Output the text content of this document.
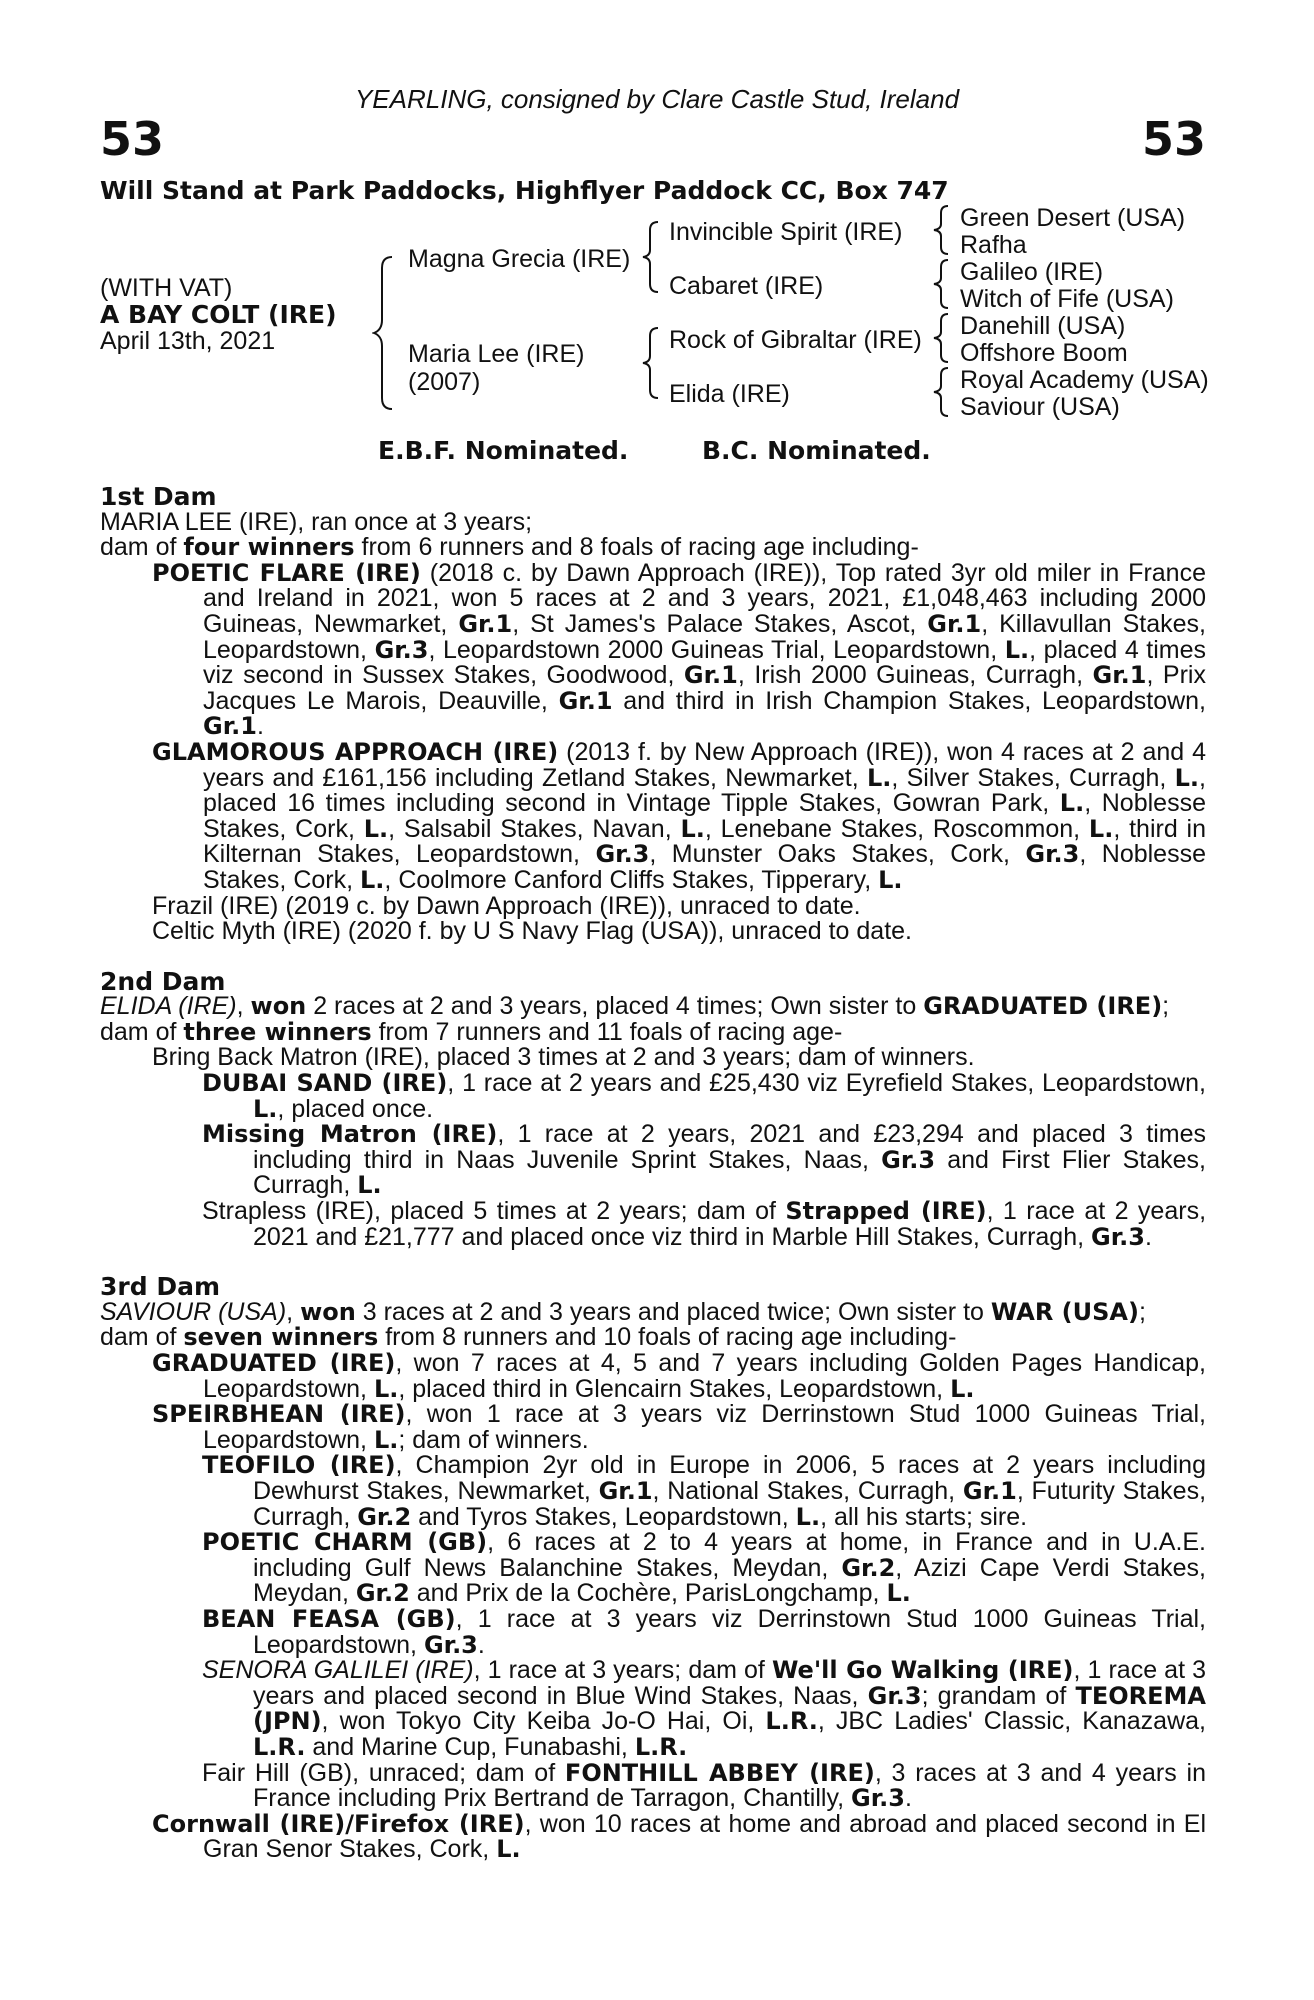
YEARLING, consigned by Clare Castle Stud, Ireland
53	53
Will Stand at Park Paddocks, Highflyer Paddock CC, Box 747
(WITH VAT)
A BAY COLT (IRE)
April 13th, 2021
Magna Grecia (IRE)
Maria Lee (IRE)
(2007)
Invincible Spirit (IRE)
Cabaret (IRE)
Rock of Gibraltar (IRE)
Elida (IRE)
Green Desert (USA)
Rafha
Galileo (IRE)
Witch of Fife (USA)
Danehill (USA)
Offshore Boom
Royal Academy (USA)
Saviour (USA)
E.B.F. Nominated.	B.C. Nominated.
1st Dam
MARIA LEE (IRE), ran once at 3 years;
dam of four winners from 6 runners and 8 foals of racing age including-
POETIC FLARE (IRE) (2018 c. by Dawn Approach (IRE)), Top rated 3yr old miler in France and Ireland in 2021, won 5 races at 2 and 3 years, 2021, £1,048,463 including 2000 Guineas, Newmarket, Gr.1, St James's Palace Stakes, Ascot, Gr.1, Killavullan Stakes, Leopardstown, Gr.3, Leopardstown 2000 Guineas Trial, Leopardstown, L., placed 4 times viz second in Sussex Stakes, Goodwood, Gr.1, Irish 2000 Guineas, Curragh, Gr.1, Prix Jacques Le Marois, Deauville, Gr.1 and third in Irish Champion Stakes, Leopardstown, Gr.1.
GLAMOROUS APPROACH (IRE) (2013 f. by New Approach (IRE)), won 4 races at 2 and 4 years and £161,156 including Zetland Stakes, Newmarket, L., Silver Stakes, Curragh, L., placed 16 times including second in Vintage Tipple Stakes, Gowran Park, L., Noblesse Stakes, Cork, L., Salsabil Stakes, Navan, L., Lenebane Stakes, Roscommon, L., third in Kilternan Stakes, Leopardstown, Gr.3, Munster Oaks Stakes, Cork, Gr.3, Noblesse Stakes, Cork, L., Coolmore Canford Cliffs Stakes, Tipperary, L.
Frazil (IRE) (2019 c. by Dawn Approach (IRE)), unraced to date.
Celtic Myth (IRE) (2020 f. by U S Navy Flag (USA)), unraced to date.
2nd Dam
ELIDA (IRE), won 2 races at 2 and 3 years, placed 4 times; Own sister to GRADUATED (IRE);
dam of three winners from 7 runners and 11 foals of racing age-
Bring Back Matron (IRE), placed 3 times at 2 and 3 years; dam of winners.
DUBAI SAND (IRE), 1 race at 2 years and £25,430 viz Eyrefield Stakes, Leopardstown, L., placed once.
Missing Matron (IRE), 1 race at 2 years, 2021 and £23,294 and placed 3 times including third in Naas Juvenile Sprint Stakes, Naas, Gr.3 and First Flier Stakes, Curragh, L.
Strapless (IRE), placed 5 times at 2 years; dam of Strapped (IRE), 1 race at 2 years, 2021 and £21,777 and placed once viz third in Marble Hill Stakes, Curragh, Gr.3.
3rd Dam
SAVIOUR (USA), won 3 races at 2 and 3 years and placed twice; Own sister to WAR (USA);
dam of seven winners from 8 runners and 10 foals of racing age including-
GRADUATED (IRE), won 7 races at 4, 5 and 7 years including Golden Pages Handicap, Leopardstown, L., placed third in Glencairn Stakes, Leopardstown, L.
SPEIRBHEAN (IRE), won 1 race at 3 years viz Derrinstown Stud 1000 Guineas Trial, Leopardstown, L.; dam of winners.
TEOFILO (IRE), Champion 2yr old in Europe in 2006, 5 races at 2 years including Dewhurst Stakes, Newmarket, Gr.1, National Stakes, Curragh, Gr.1, Futurity Stakes, Curragh, Gr.2 and Tyros Stakes, Leopardstown, L., all his starts; sire.
POETIC CHARM (GB), 6 races at 2 to 4 years at home, in France and in U.A.E. including Gulf News Balanchine Stakes, Meydan, Gr.2, Azizi Cape Verdi Stakes, Meydan, Gr.2 and Prix de la Cochère, ParisLongchamp, L.
BEAN FEASA (GB), 1 race at 3 years viz Derrinstown Stud 1000 Guineas Trial, Leopardstown, Gr.3.
SENORA GALILEI (IRE), 1 race at 3 years; dam of We'll Go Walking (IRE), 1 race at 3 years and placed second in Blue Wind Stakes, Naas, Gr.3; grandam of TEOREMA (JPN), won Tokyo City Keiba Jo-O Hai, Oi, L.R., JBC Ladies' Classic, Kanazawa, L.R. and Marine Cup, Funabashi, L.R.
Fair Hill (GB), unraced; dam of FONTHILL ABBEY (IRE), 3 races at 3 and 4 years in France including Prix Bertrand de Tarragon, Chantilly, Gr.3.
Cornwall (IRE)/Firefox (IRE), won 10 races at home and abroad and placed second in El Gran Senor Stakes, Cork, L.
